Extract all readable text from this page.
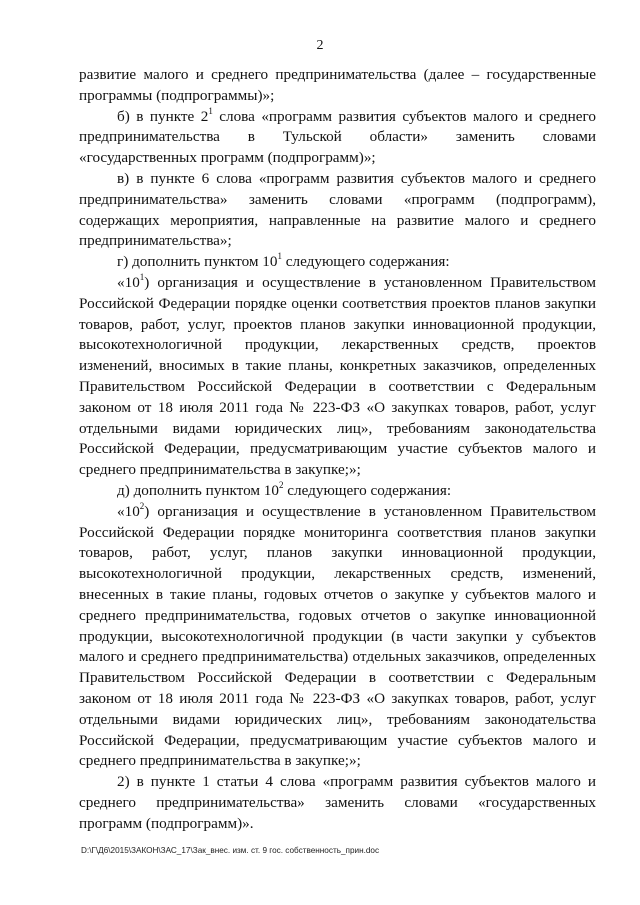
2

развитие малого и среднего предпринимательства (далее – государственные программы (подпрограммы)»;

б) в пункте $2^1$ слова «программ развития субъектов малого и среднего предпринимательства в Тульской области» заменить словами «государственных программ (подпрограмм)»;

в) в пункте 6 слова «программ развития субъектов малого и среднего предпринимательства» заменить словами «программ (подпрограмм), содержащих мероприятия, направленные на развитие малого и среднего предпринимательства»;

г) дополнить пунктом $10^1$ следующего содержания:

«$10^1$) организация и осуществление в установленном Правительством Российской Федерации порядке оценки соответствия проектов планов закупки товаров, работ, услуг, проектов планов закупки инновационной продукции, высокотехнологичной продукции, лекарственных средств, проектов изменений, вносимых в такие планы, конкретных заказчиков, определенных Правительством Российской Федерации в соответствии с Федеральным законом от 18 июля 2011 года № 223-ФЗ «О закупках товаров, работ, услуг отдельными видами юридических лиц», требованиям законодательства Российской Федерации, предусматривающим участие субъектов малого и среднего предпринимательства в закупке;»;

д) дополнить пунктом $10^2$ следующего содержания:

«$10^2$) организация и осуществление в установленном Правительством Российской Федерации порядке мониторинга соответствия планов закупки товаров, работ, услуг, планов закупки инновационной продукции, высокотехнологичной продукции, лекарственных средств, изменений, внесенных в такие планы, годовых отчетов о закупке у субъектов малого и среднего предпринимательства, годовых отчетов о закупке инновационной продукции, высокотехнологичной продукции (в части закупки у субъектов малого и среднего предпринимательства) отдельных заказчиков, определенных Правительством Российской Федерации в соответствии с Федеральным законом от 18 июля 2011 года № 223-ФЗ «О закупках товаров, работ, услуг отдельными видами юридических лиц», требованиям законодательства Российской Федерации, предусматривающим участие субъектов малого и среднего предпринимательства в закупке;»;

2) в пункте 1 статьи 4 слова «программ развития субъектов малого и среднего предпринимательства» заменить словами «государственных программ (подпрограмм)».

D:\Г\Д6\2015\ЗАКОН\ЗАС_17\Зак_внес. изм. ст. 9 гос. собственность_прин.doc
